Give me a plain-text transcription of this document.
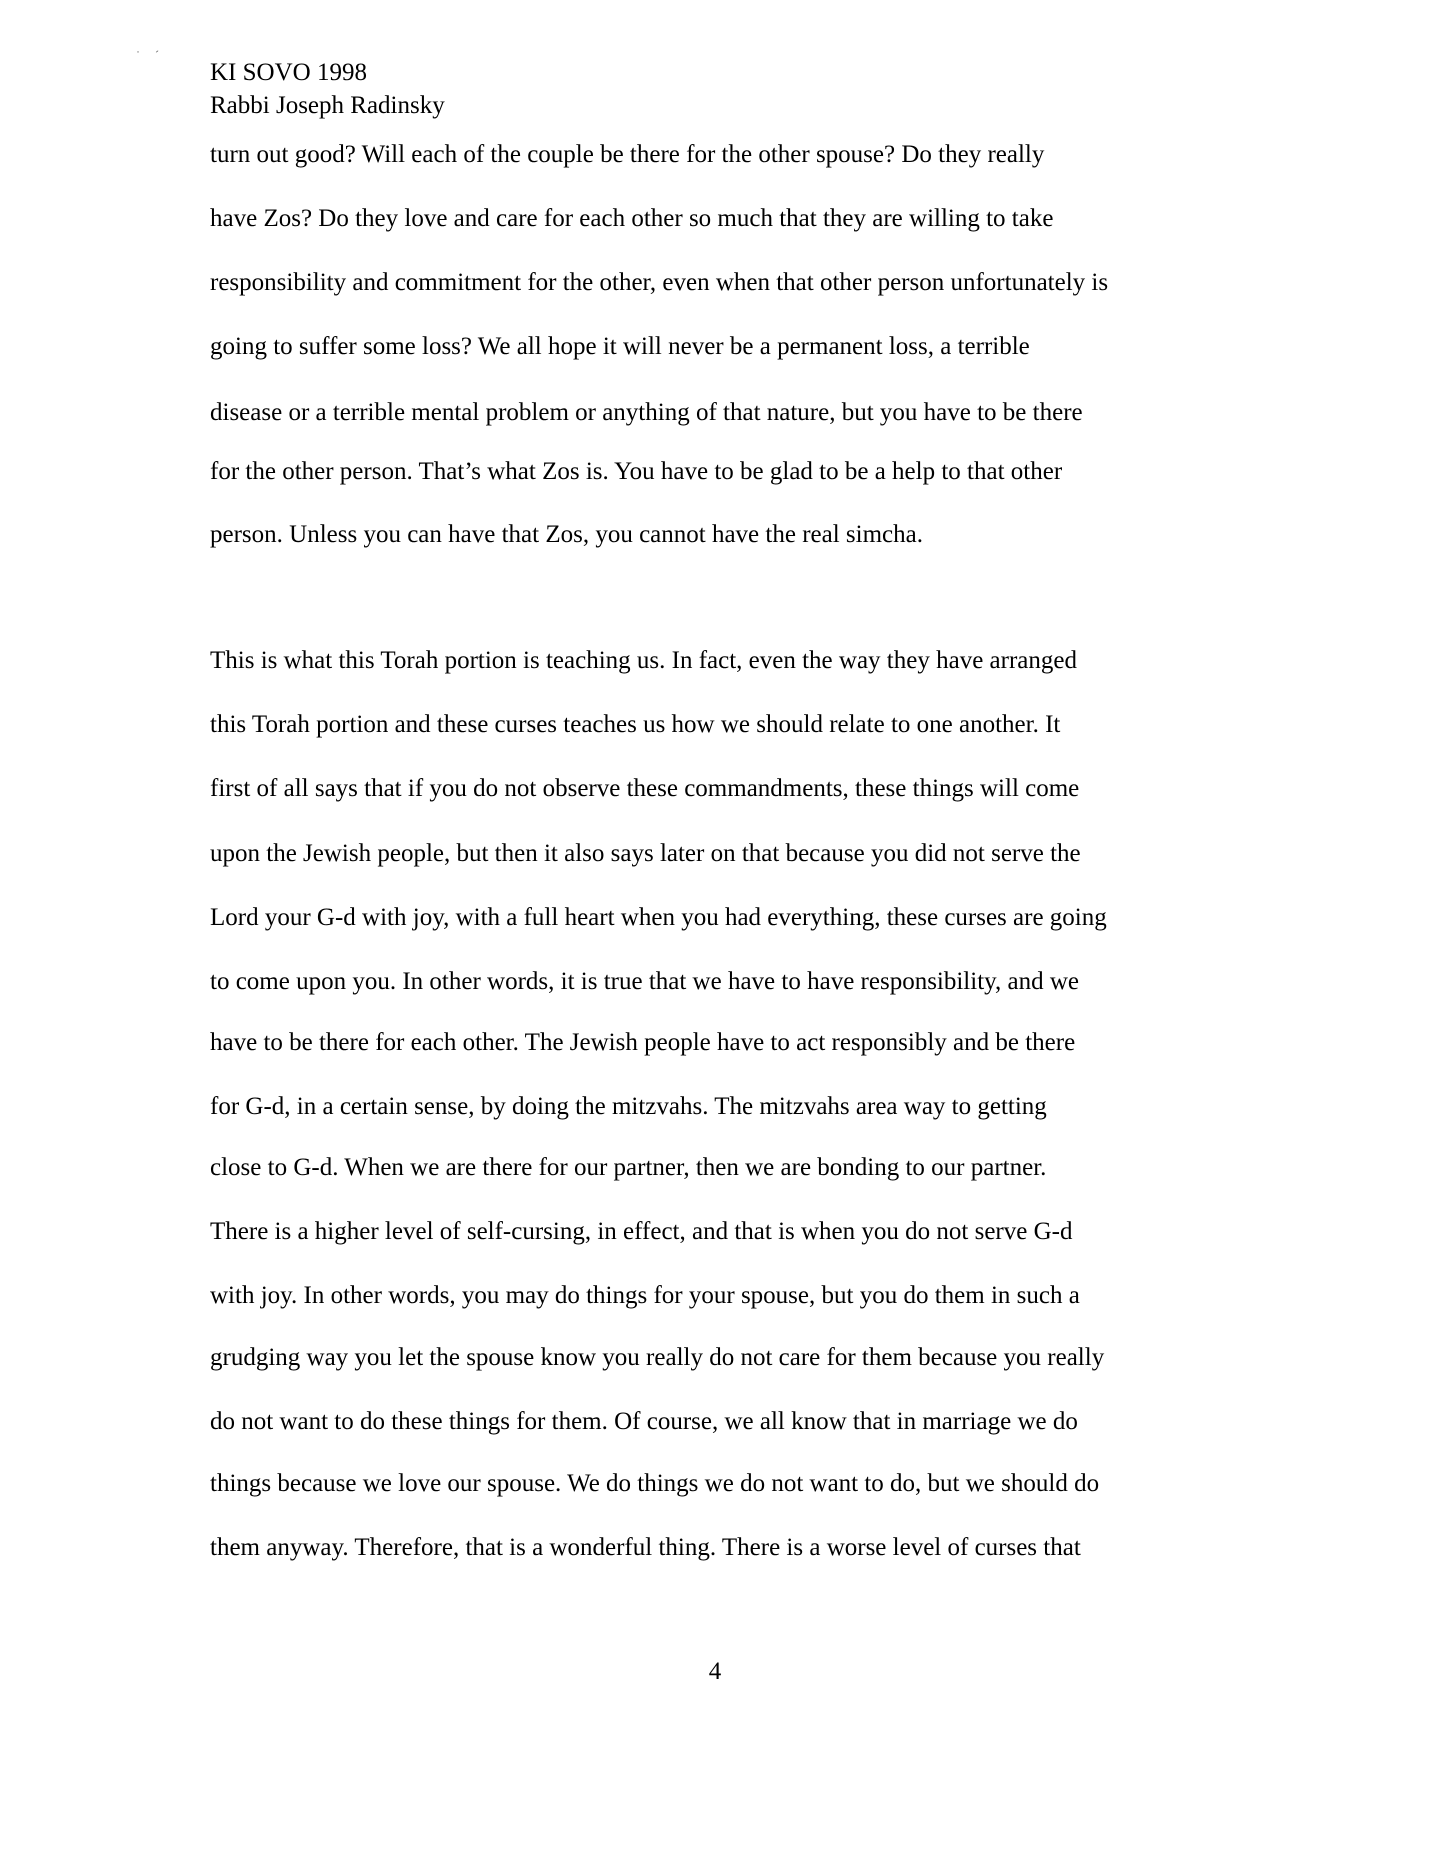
˙ ˊ
KI SOVO 1998
Rabbi Joseph Radinsky
turn out good? Will each of the couple be there for the other spouse? Do they really
have Zos? Do they love and care for each other so much that they are willing to take
responsibility and commitment for the other, even when that other person unfortunately is
going to suffer some loss? We all hope it will never be a permanent loss, a terrible
disease or a terrible mental problem or anything of that nature, but you have to be there
for the other person. That’s what Zos is. You have to be glad to be a help to that other
person. Unless you can have that Zos, you cannot have the real simcha.
This is what this Torah portion is teaching us. In fact, even the way they have arranged
this Torah portion and these curses teaches us how we should relate to one another. It
first of all says that if you do not observe these commandments, these things will come
upon the Jewish people, but then it also says later on that because you did not serve the
Lord your G-d with joy, with a full heart when you had everything, these curses are going
to come upon you. In other words, it is true that we have to have responsibility, and we
have to be there for each other. The Jewish people have to act responsibly and be there
for G-d, in a certain sense, by doing the mitzvahs. The mitzvahs area way to getting
close to G-d. When we are there for our partner, then we are bonding to our partner.
There is a higher level of self-cursing, in effect, and that is when you do not serve G-d
with joy. In other words, you may do things for your spouse, but you do them in such a
grudging way you let the spouse know you really do not care for them because you really
do not want to do these things for them. Of course, we all know that in marriage we do
things because we love our spouse. We do things we do not want to do, but we should do
them anyway. Therefore, that is a wonderful thing. There is a worse level of curses that
4
